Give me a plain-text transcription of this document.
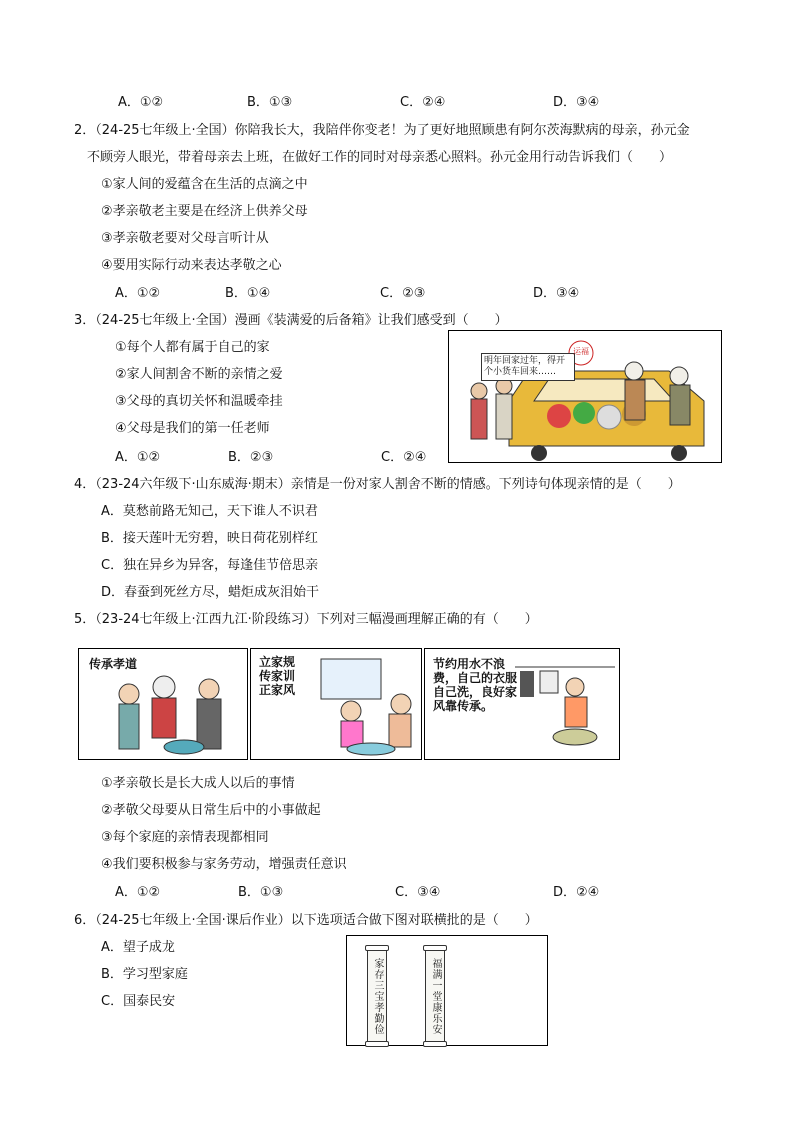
A．①②	B．①③	C．②④	D．③④
2．（24-25七年级上·全国）你陪我长大，我陪伴你变老！为了更好地照顾患有阿尔茨海默病的母亲，孙元金
不顾旁人眼光，带着母亲去上班，在做好工作的同时对母亲悉心照料。孙元金用行动告诉我们（　　）
①家人间的爱蕴含在生活的点滴之中
②孝亲敬老主要是在经济上供养父母
③孝亲敬老要对父母言听计从
④要用实际行动来表达孝敬之心
A．①②	B．①④	C．②③	D．③④
3．（24-25七年级上·全国）漫画《装满爱的后备箱》让我们感受到（　　）
①每个人都有属于自己的家
②家人间割舍不断的亲情之爱
③父母的真切关怀和温暖牵挂
④父母是我们的第一任老师
A．①②	B．②③	C．②④
明年回家过年，得开个小货车回来……
运福
4．（23-24六年级下·山东威海·期末）亲情是一份对家人割舍不断的情感。下列诗句体现亲情的是（　　）
A．莫愁前路无知己，天下谁人不识君
B．接天莲叶无穷碧，映日荷花别样红
C．独在异乡为异客，每逢佳节倍思亲
D．春蚕到死丝方尽，蜡炬成灰泪始干
5．（23-24七年级上·江西九江·阶段练习）下列对三幅漫画理解正确的有（　　）
传承孝道	立家规
传家训
正家风
节约用水不浪费，自己的衣服自己洗，良好家风靠传承。
①孝亲敬长是长大成人以后的事情
②孝敬父母要从日常生后中的小事做起
③每个家庭的亲情表现都相同
④我们要积极参与家务劳动，增强责任意识
A．①②	B．①③	C．③④	D．②④
6．（24-25七年级上·全国·课后作业）以下选项适合做下图对联横批的是（　　）
A．望子成龙
B．学习型家庭
C．国泰民安	家存三宝孝勤俭	福满一堂康乐安
